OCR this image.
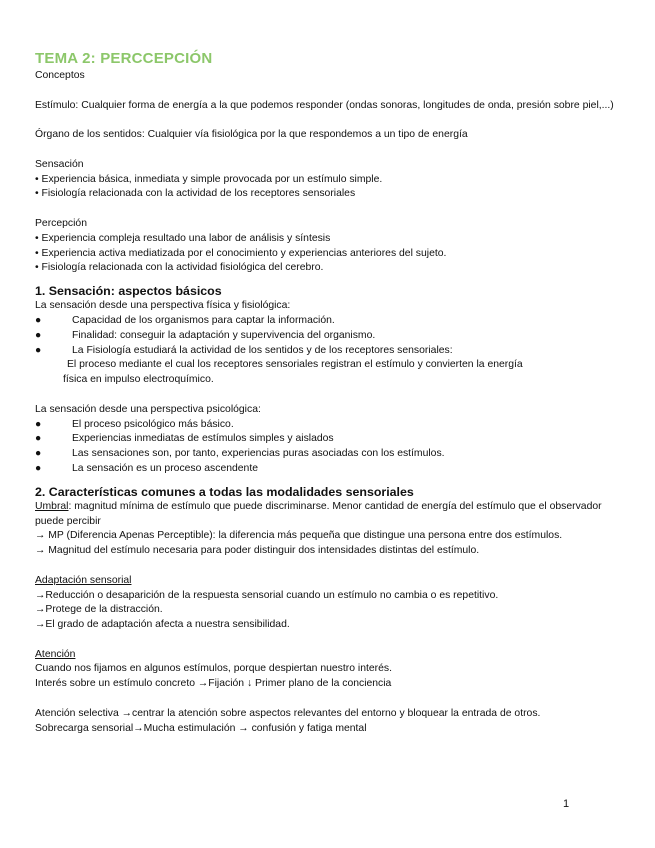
TEMA 2: PERCCEPCIÓN

Conceptos

Estímulo: Cualquier forma de energía a la que podemos responder (ondas sonoras, longitudes de onda, presión sobre piel,...)

Órgano de los sentidos: Cualquier vía fisiológica por la que respondemos a un tipo de energía

Sensación

• Experiencia básica, inmediata y simple provocada por un estímulo simple.

• Fisiología relacionada con la actividad de los receptores sensoriales

Percepción

• Experiencia compleja resultado una labor de análisis y síntesis

• Experiencia activa mediatizada por el conocimiento y experiencias anteriores del sujeto.

• Fisiología relacionada con la actividad fisiológica del cerebro.

1. Sensación: aspectos básicos

La sensación desde una perspectiva física y fisiológica:

●	Capacidad de los organismos para captar la información.
●	Finalidad: conseguir la adaptación y supervivencia del organismo.
●	La Fisiología estudiará la actividad de los sentidos y de los receptores sensoriales:

El proceso mediante el cual los receptores sensoriales registran el estímulo y convierten la energía

física en impulso electroquímico.

La sensación desde una perspectiva psicológica:

●	El proceso psicológico más básico.
●	Experiencias inmediatas de estímulos simples y aislados
●	Las sensaciones son, por tanto, experiencias puras asociadas con los estímulos.
●	La sensación es un proceso ascendente

2. Características comunes a todas las modalidades sensoriales

Umbral: magnitud mínima de estímulo que puede discriminarse. Menor cantidad de energía del estímulo que el observador puede percibir

→ MP (Diferencia Apenas Perceptible): la diferencia más pequeña que distingue una persona entre dos estímulos.

→ Magnitud del estímulo necesaria para poder distinguir dos intensidades distintas del estímulo.

Adaptación sensorial

→Reducción o desaparición de la respuesta sensorial cuando un estímulo no cambia o es repetitivo.

→Protege de la distracción.

→El grado de adaptación afecta a nuestra sensibilidad.

Atención

Cuando nos fijamos en algunos estímulos, porque despiertan nuestro interés.

Interés sobre un estímulo concreto →Fijación ↓ Primer plano de la conciencia

Atención selectiva →centrar la atención sobre aspectos relevantes del entorno y bloquear la entrada de otros.

Sobrecarga sensorial→Mucha estimulación → confusión y fatiga mental

1
